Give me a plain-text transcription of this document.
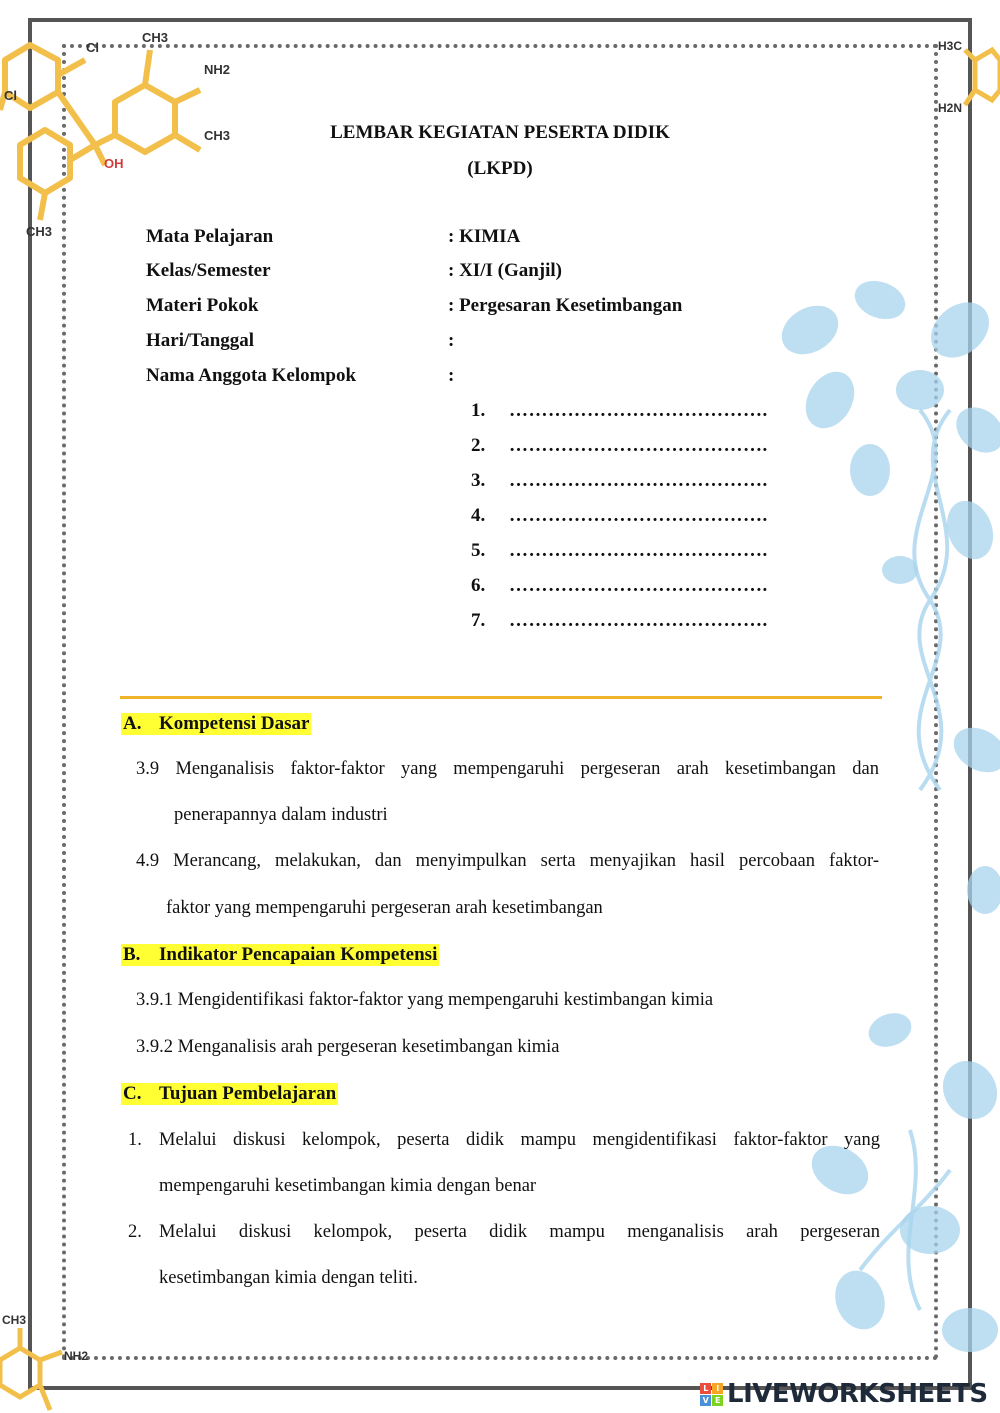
Cl
Cl
CH3
NH2
CH3
OH
CH3
H3C
H2N
CH3
NH2
LEMBAR KEGIATAN PESERTA DIDIK
(LKPD)
Mata Pelajaran	: KIMIA
Kelas/Semester	: XI/I (Ganjil)
Materi Pokok	: Pergesaran Kesetimbangan
Hari/Tanggal	:
Nama Anggota Kelompok	:
1. ………………………………….
2. ………………………………….
3. ………………………………….
4. ………………………………….
5. ………………………………….
6. ………………………………….
7. ………………………………….
A. Kompetensi Dasar
3.9 Menganalisis faktor-faktor yang mempengaruhi pergeseran arah kesetimbangan dan
penerapannya dalam industri
4.9 Merancang, melakukan, dan menyimpulkan serta menyajikan hasil percobaan faktor-
faktor yang mempengaruhi pergeseran arah kesetimbangan
B. Indikator Pencapaian Kompetensi
3.9.1 Mengidentifikasi faktor-faktor yang mempengaruhi kestimbangan kimia
3.9.2 Menganalisis arah pergeseran kesetimbangan kimia
C. Tujuan Pembelajaran
1. Melalui diskusi kelompok, peserta didik mampu mengidentifikasi faktor-faktor yang
mempengaruhi kesetimbangan kimia dengan benar
2. Melalui diskusi kelompok, peserta didik mampu menganalisis arah pergeseran
kesetimbangan kimia dengan teliti.
L	I
V E LIVEWORKSHEETS
